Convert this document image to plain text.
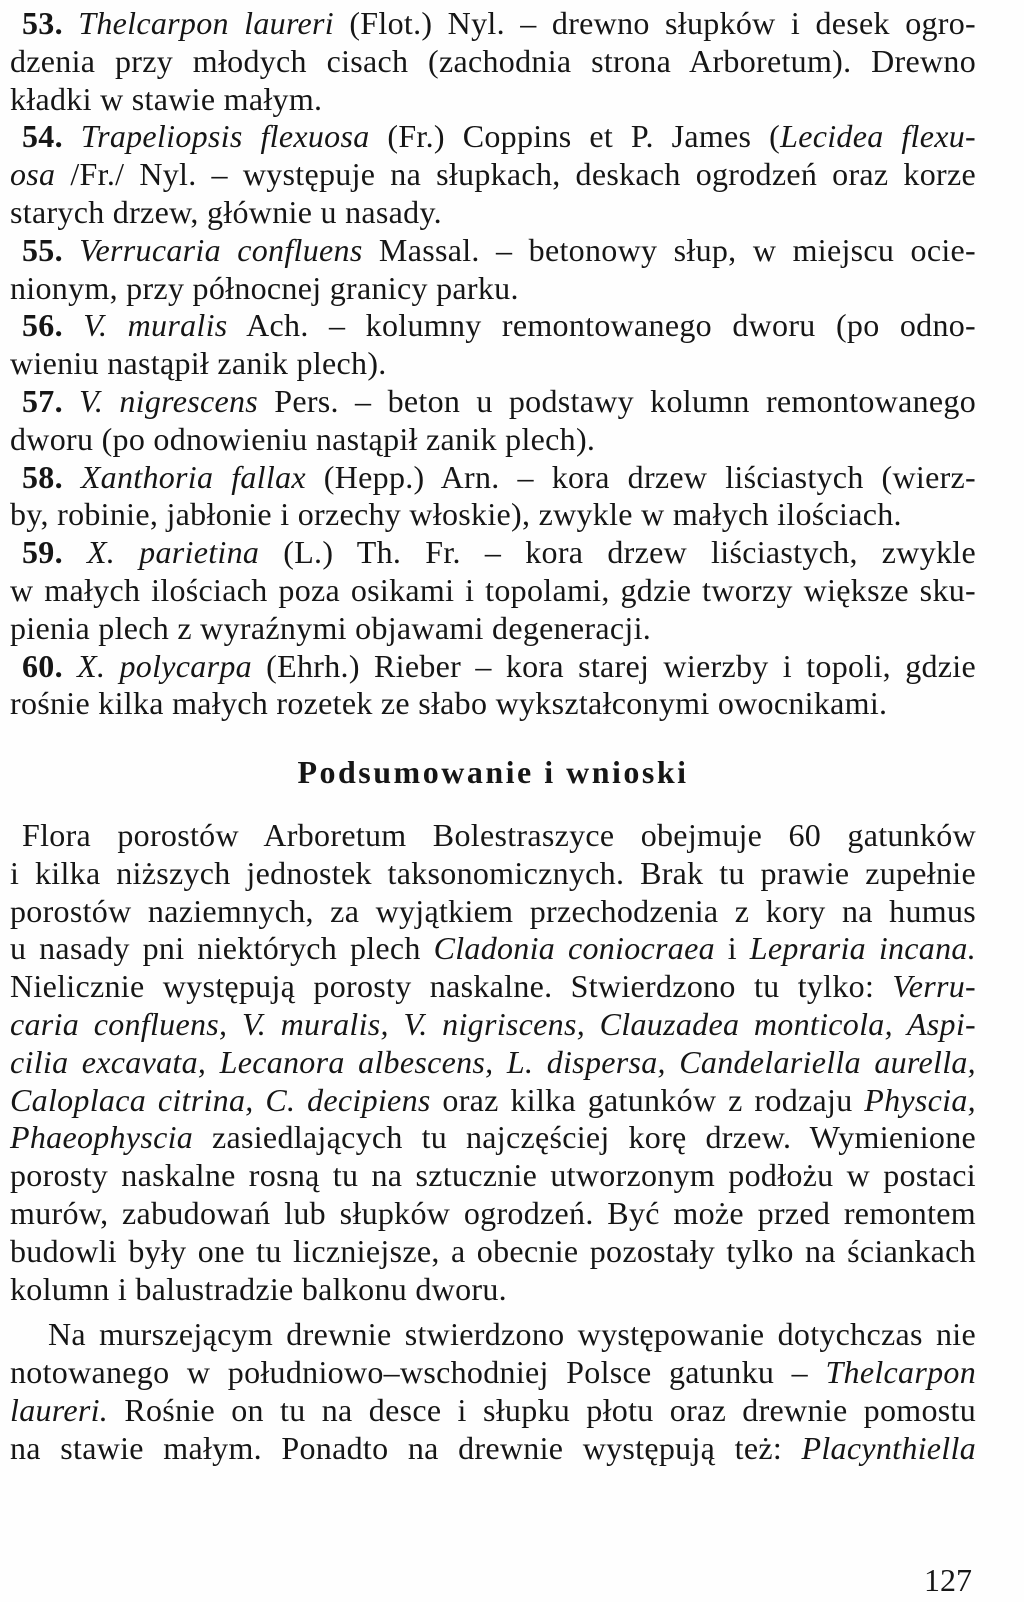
53. Thelcarpon laureri (Flot.) Nyl. – drewno słupków i desek ogro-
dzenia przy młodych cisach (zachodnia strona Arboretum). Drewno
kładki w stawie małym.
54. Trapeliopsis flexuosa (Fr.) Coppins et P. James (Lecidea flexu-
osa /Fr./ Nyl. – występuje na słupkach, deskach ogrodzeń oraz korze
starych drzew, głównie u nasady.
55. Verrucaria confluens Massal. – betonowy słup, w miejscu ocie-
nionym, przy północnej granicy parku.
56. V. muralis Ach. – kolumny remontowanego dworu (po odno-
wieniu nastąpił zanik plech).
57. V. nigrescens Pers. – beton u podstawy kolumn remontowanego
dworu (po odnowieniu nastąpił zanik plech).
58. Xanthoria fallax (Hepp.) Arn. – kora drzew liściastych (wierz-
by, robinie, jabłonie i orzechy włoskie), zwykle w małych ilościach.
59. X. parietina (L.) Th. Fr. – kora drzew liściastych, zwykle
w małych ilościach poza osikami i topolami, gdzie tworzy większe sku-
pienia plech z wyraźnymi objawami degeneracji.
60. X. polycarpa (Ehrh.) Rieber – kora starej wierzby i topoli, gdzie
rośnie kilka małych rozetek ze słabo wykształconymi owocnikami.
Podsumowanie i wnioski
Flora porostów Arboretum Bolestraszyce obejmuje 60 gatunków
i kilka niższych jednostek taksonomicznych. Brak tu prawie zupełnie
porostów naziemnych, za wyjątkiem przechodzenia z kory na humus
u nasady pni niektórych plech Cladonia coniocraea i Lepraria incana.
Nielicznie występują porosty naskalne. Stwierdzono tu tylko: Verru-
caria confluens, V. muralis, V. nigriscens, Clauzadea monticola, Aspi-
cilia excavata, Lecanora albescens, L. dispersa, Candelariella aurella,
Caloplaca citrina, C. decipiens oraz kilka gatunków z rodzaju Physcia,
Phaeophyscia zasiedlających tu najczęściej korę drzew. Wymienione
porosty naskalne rosną tu na sztucznie utworzonym podłożu w postaci
murów, zabudowań lub słupków ogrodzeń. Być może przed remontem
budowli były one tu liczniejsze, a obecnie pozostały tylko na ściankach
kolumn i balustradzie balkonu dworu.
Na murszejącym drewnie stwierdzono występowanie dotychczas nie
notowanego w południowo–wschodniej Polsce gatunku – Thelcarpon
laureri. Rośnie on tu na desce i słupku płotu oraz drewnie pomostu
na stawie małym. Ponadto na drewnie występują też: Placynthiella
127
